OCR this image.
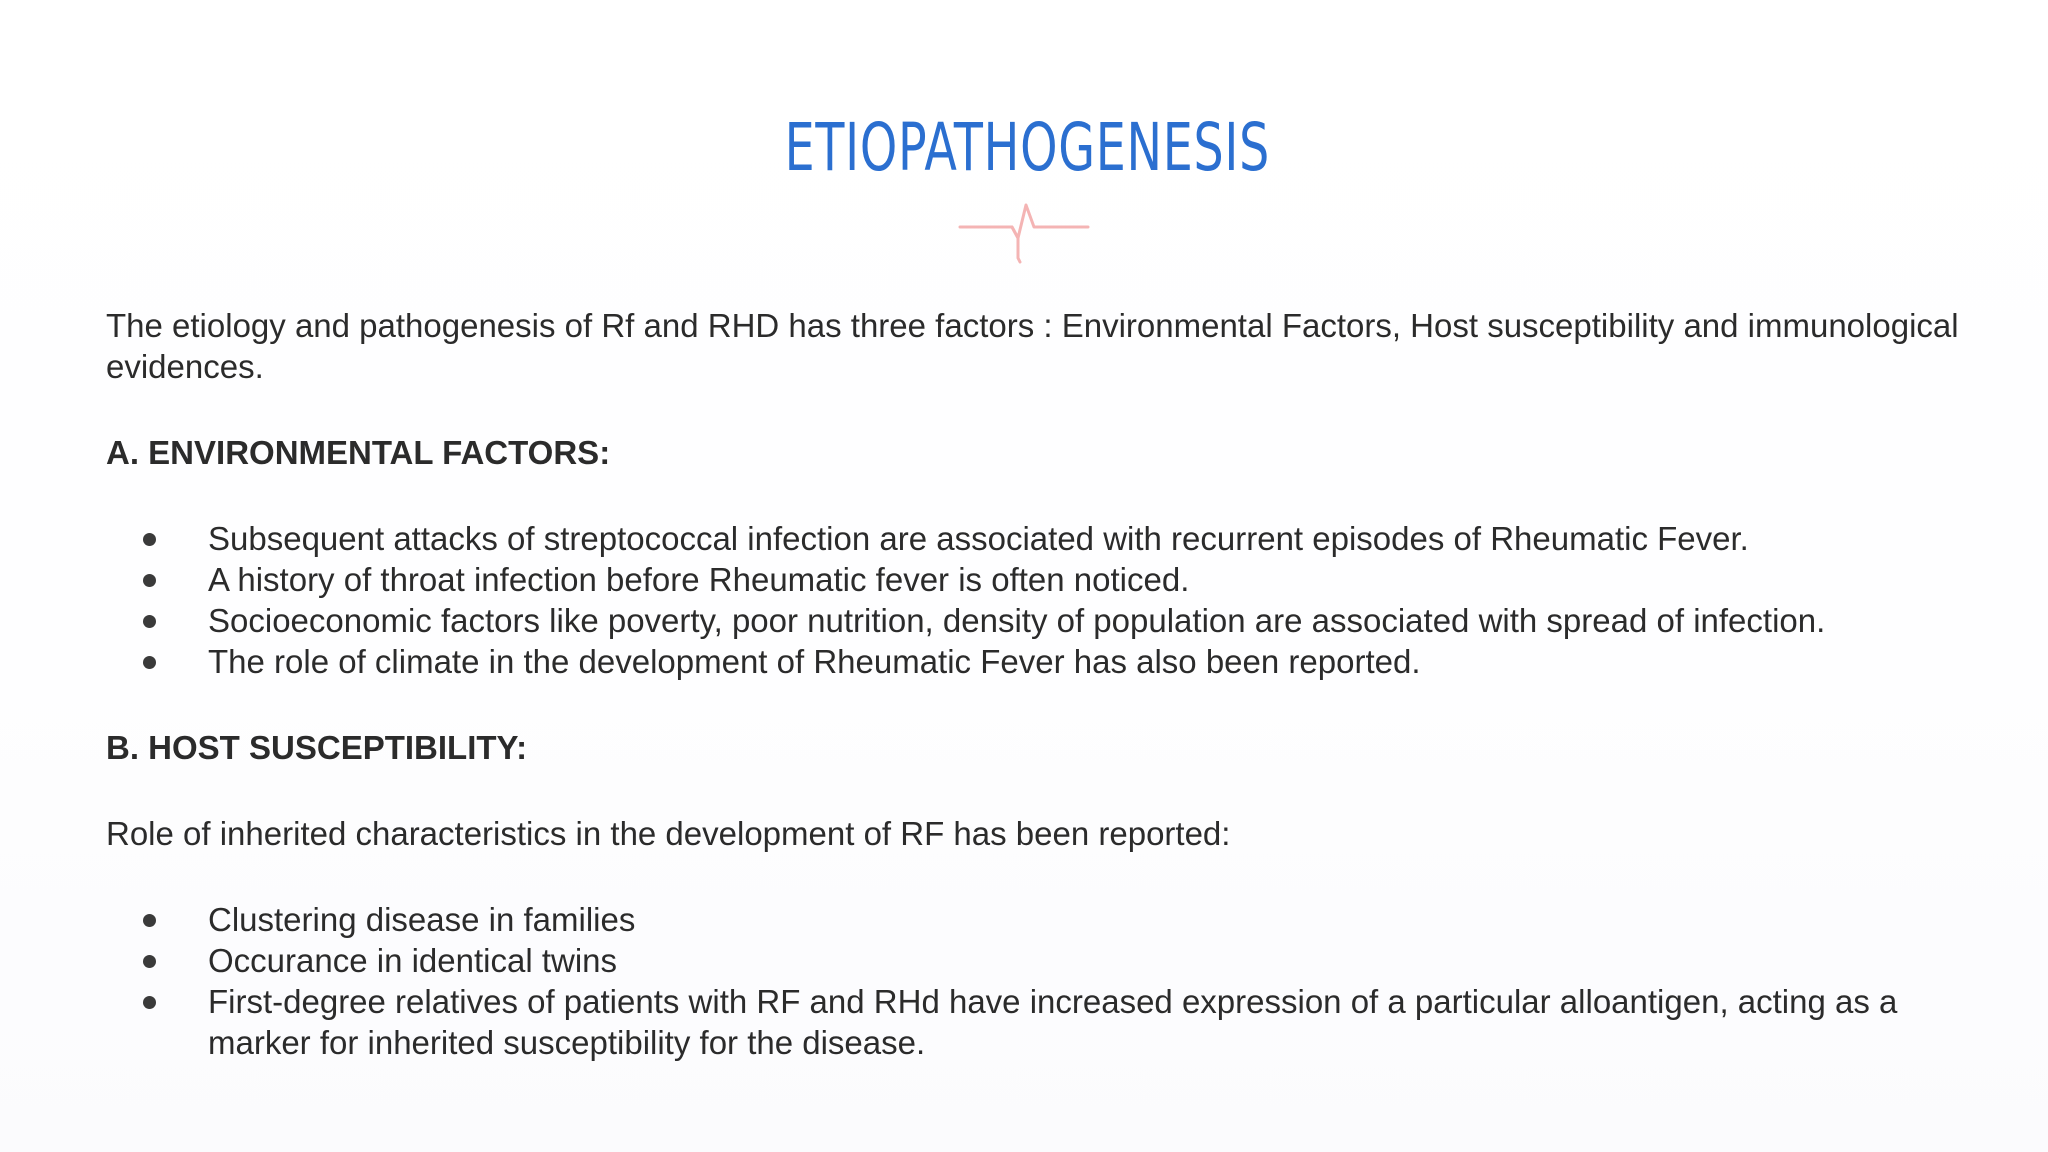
ETIOPATHOGENESIS

The etiology and pathogenesis of Rf and RHD has three factors : Environmental Factors, Host susceptibility and immunological evidences.

A. ENVIRONMENTAL FACTORS:

Subsequent attacks of streptococcal infection are associated with recurrent episodes of Rheumatic Fever.
A history of throat infection before Rheumatic fever is often noticed.
Socioeconomic factors like poverty, poor nutrition, density of population are associated with spread of infection.
The role of climate in the development of Rheumatic Fever has also been reported.

B. HOST SUSCEPTIBILITY:

Role of inherited characteristics in the development of RF has been reported:

Clustering disease in families
Occurance in identical twins
First-degree relatives of patients with RF and RHd have increased expression of a particular alloantigen, acting as a marker for inherited susceptibility for the disease.
